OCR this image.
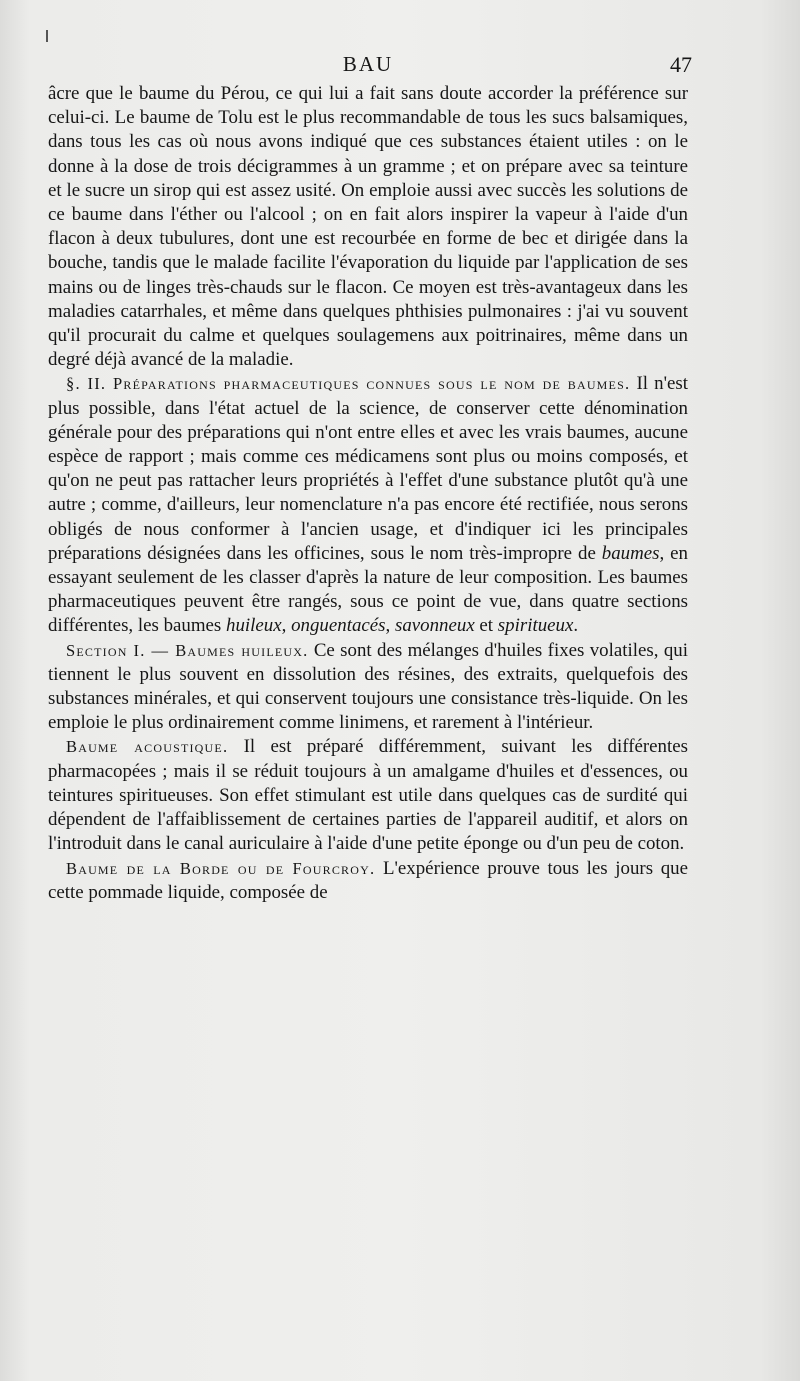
BAU	47

âcre que le baume du Pérou, ce qui lui a fait sans doute accorder la préférence sur celui-ci. Le baume de Tolu est le plus recommandable de tous les sucs balsamiques, dans tous les cas où nous avons indiqué que ces substances étaient utiles : on le donne à la dose de trois décigrammes à un gramme ; et on prépare avec sa teinture et le sucre un sirop qui est assez usité. On emploie aussi avec succès les solutions de ce baume dans l'éther ou l'alcool ; on en fait alors inspirer la vapeur à l'aide d'un flacon à deux tubulures, dont une est recourbée en forme de bec et dirigée dans la bouche, tandis que le malade facilite l'évaporation du liquide par l'application de ses mains ou de linges très-chauds sur le flacon. Ce moyen est très-avantageux dans les maladies catarrhales, et même dans quelques phthisies pulmonaires : j'ai vu souvent qu'il procurait du calme et quelques soulagemens aux poitrinaires, même dans un degré déjà avancé de la maladie.

§. II. Préparations pharmaceutiques connues sous le nom de baumes. Il n'est plus possible, dans l'état actuel de la science, de conserver cette dénomination générale pour des préparations qui n'ont entre elles et avec les vrais baumes, aucune espèce de rapport ; mais comme ces médicamens sont plus ou moins composés, et qu'on ne peut pas rattacher leurs propriétés à l'effet d'une substance plutôt qu'à une autre ; comme, d'ailleurs, leur nomenclature n'a pas encore été rectifiée, nous serons obligés de nous conformer à l'ancien usage, et d'indiquer ici les principales préparations désignées dans les officines, sous le nom très-impropre de baumes, en essayant seulement de les classer d'après la nature de leur composition. Les baumes pharmaceutiques peuvent être rangés, sous ce point de vue, dans quatre sections différentes, les baumes huileux, onguentacés, savonneux et spiritueux.

Section I. — Baumes huileux. Ce sont des mélanges d'huiles fixes volatiles, qui tiennent le plus souvent en dissolution des résines, des extraits, quelquefois des substances minérales, et qui conservent toujours une consistance très-liquide. On les emploie le plus ordinairement comme linimens, et rarement à l'intérieur.

Baume acoustique. Il est préparé différemment, suivant les différentes pharmacopées ; mais il se réduit toujours à un amalgame d'huiles et d'essences, ou teintures spiritueuses. Son effet stimulant est utile dans quelques cas de surdité qui dépendent de l'affaiblissement de certaines parties de l'appareil auditif, et alors on l'introduit dans le canal auriculaire à l'aide d'une petite éponge ou d'un peu de coton.

Baume de la Borde ou de Fourcroy. L'expérience prouve tous les jours que cette pommade liquide, composée de
